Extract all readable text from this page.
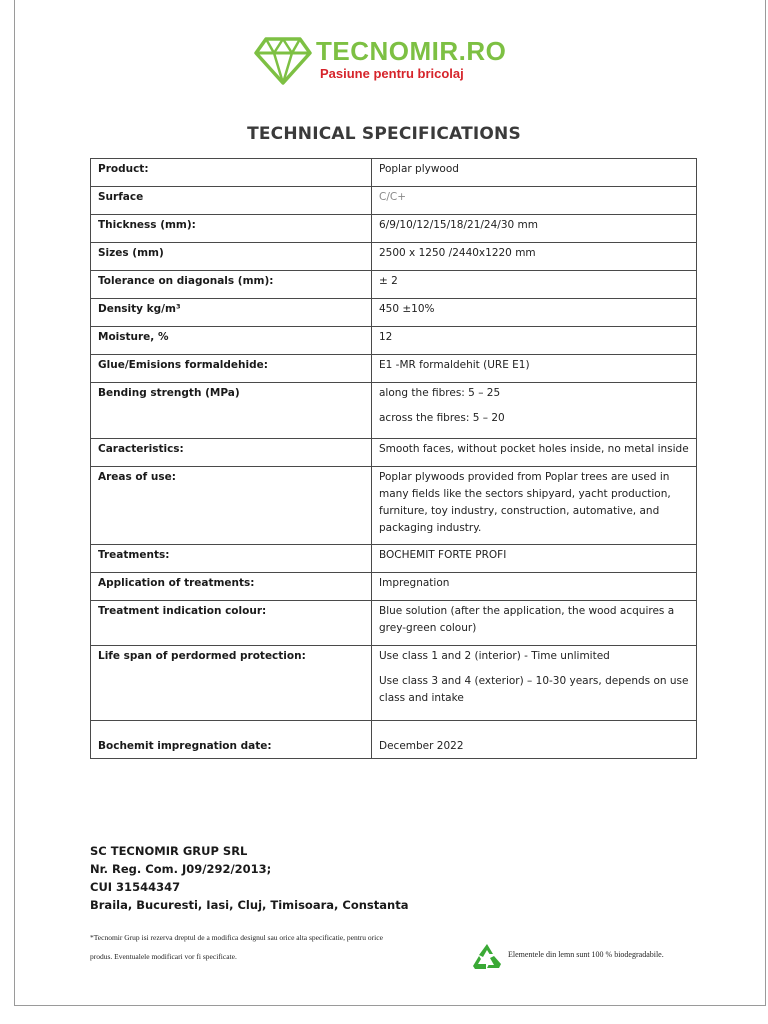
TECNOMIR.RO
Pasiune pentru bricolaj
TECHNICAL SPECIFICATIONS
Product:	Poplar plywood

Surface	C/C+

Thickness (mm):	6/9/10/12/15/18/21/24/30 mm

Sizes (mm)	2500 x 1250 /2440x1220 mm

Tolerance on diagonals (mm):	± 2

Density kg/m³	450 ±10%

Moisture, %	12

Glue/Emisions formaldehide:	E1 -MR formaldehit (URE E1)

Bending strength (MPa)	along the fibres: 5 – 25
across the fibres: 5 – 20

Caracteristics:	Smooth faces, without pocket holes inside, no metal inside

Areas of use:	Poplar plywoods provided from Poplar trees are used in many fields like the sectors shipyard, yacht production, furniture, toy industry, construction, automative, and packaging industry.

Treatments:	BOCHEMIT FORTE PROFI

Application of treatments:	Impregnation

Treatment indication colour:	Blue solution (after the application, the wood acquires a grey-green colour)

Life span of perdormed protection:	Use class 1 and 2 (interior) - Time unlimited
Use class 3 and 4 (exterior) – 10-30 years, depends on use class and intake

Bochemit impregnation date:	December 2022
SC TECNOMIR GRUP SRL
Nr. Reg. Com. J09/292/2013;
CUI 31544347
Braila, Bucuresti, Iasi, Cluj, Timisoara, Constanta
*Tecnomir Grup isi rezerva dreptul de a modifica designul sau orice alta specificatie, pentru orice produs. Eventualele modificari vor fi specificate.	Elementele din lemn sunt 100 % biodegradabile.
